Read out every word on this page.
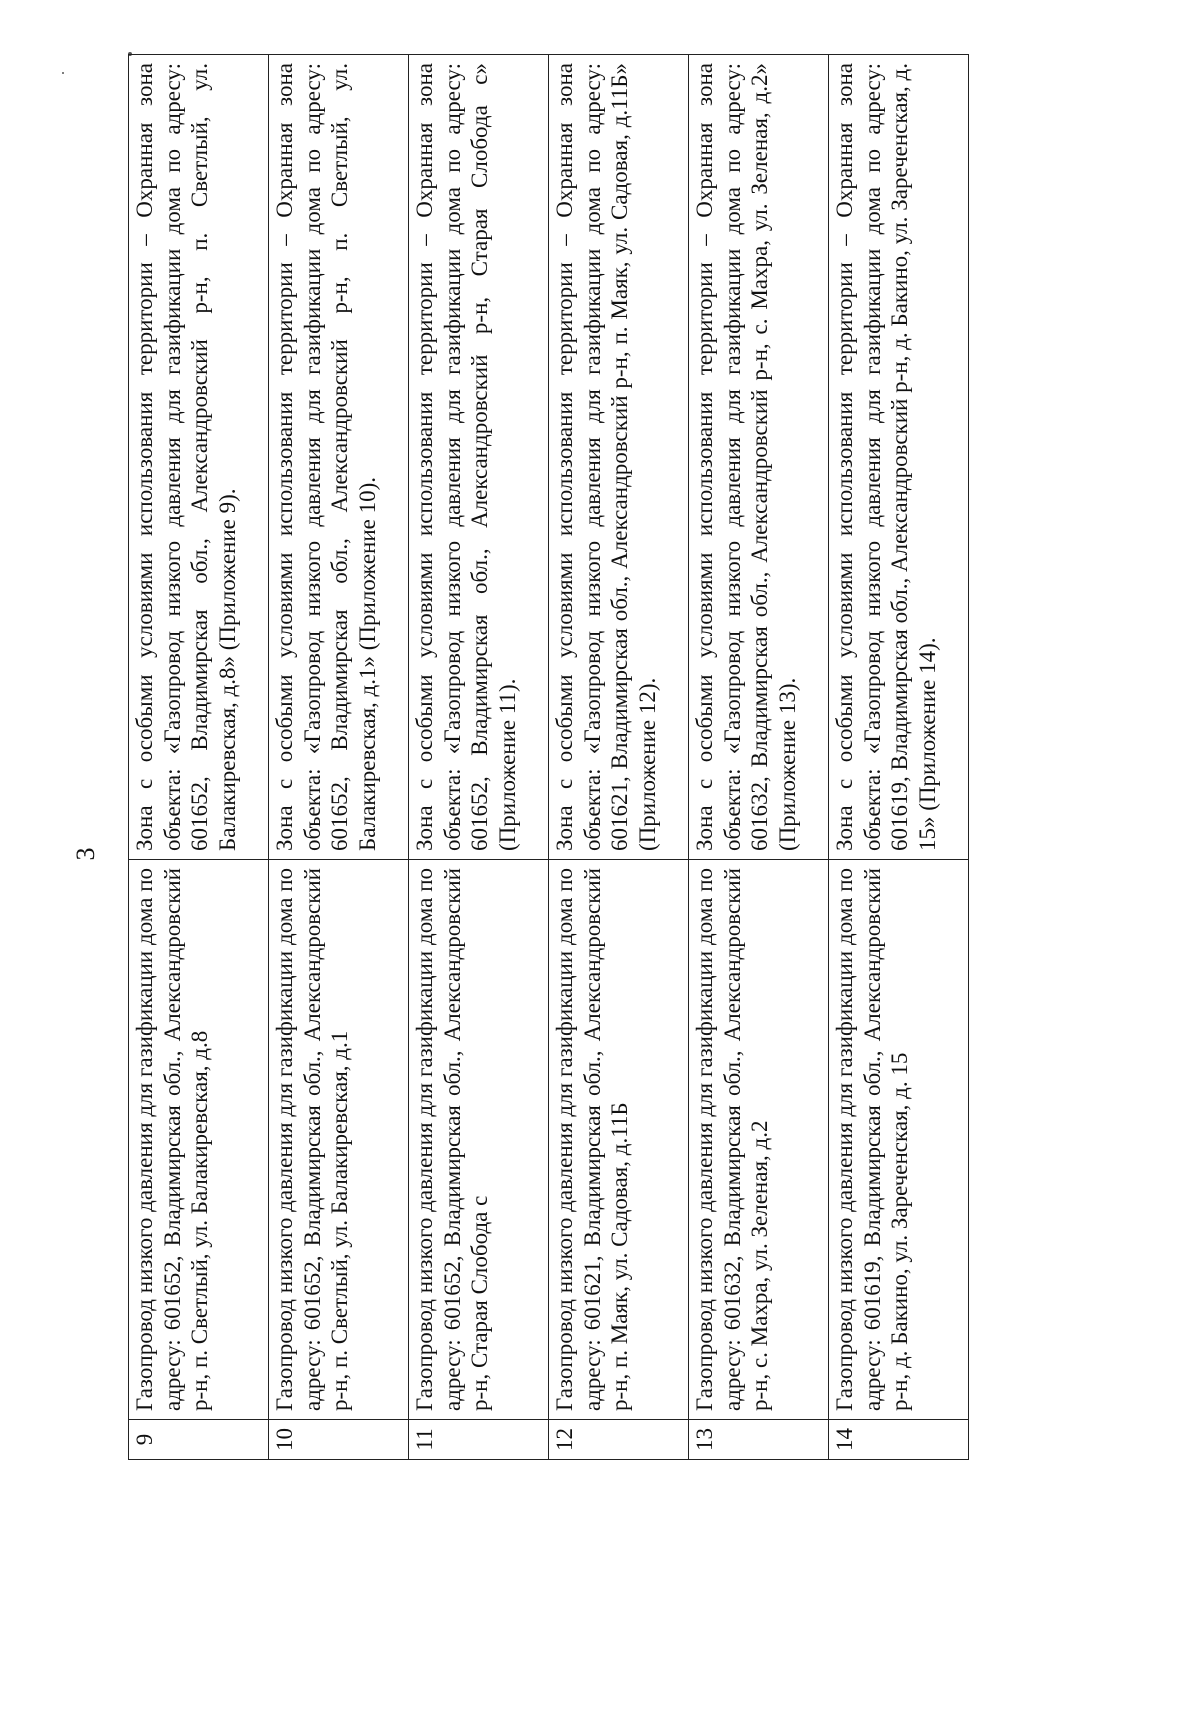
3
9	Газопровод низкого давления для газификации дома по адресу: 601652, Владимирская обл., Александровский р-н, п. Светлый, ул. Балакиревская, д.8	Зона с особыми условиями использования территории – Охранная зона объекта: «Газопровод низкого давления для газификации дома по адресу: 601652, Владимирская обл., Александровский р-н, п. Светлый, ул. Балакиревская, д.8» (Приложение 9).
10	Газопровод низкого давления для газификации дома по адресу: 601652, Владимирская обл., Александровский р-н, п. Светлый, ул. Балакиревская, д.1	Зона с особыми условиями использования территории – Охранная зона объекта: «Газопровод низкого давления для газификации дома по адресу: 601652, Владимирская обл., Александровский р-н, п. Светлый, ул. Балакиревская, д.1» (Приложение 10).
11	Газопровод низкого давления для газификации дома по адресу: 601652, Владимирская обл., Александровский р-н, Старая Слобода с	Зона с особыми условиями использования территории – Охранная зона объекта: «Газопровод низкого давления для газификации дома по адресу: 601652, Владимирская обл., Александровский р-н, Старая Слобода с» (Приложение 11).
12	Газопровод низкого давления для газификации дома по адресу: 601621, Владимирская обл., Александровский р-н, п. Маяк, ул. Садовая, д.11Б	Зона с особыми условиями использования территории – Охранная зона объекта: «Газопровод низкого давления для газификации дома по адресу: 601621, Владимирская обл., Александровский р-н, п. Маяк, ул. Садовая, д.11Б» (Приложение 12).
13	Газопровод низкого давления для газификации дома по адресу: 601632, Владимирская обл., Александровский р-н, с. Махра, ул. Зеленая, д.2	Зона с особыми условиями использования территории – Охранная зона объекта: «Газопровод низкого давления для газификации дома по адресу: 601632, Владимирская обл., Александровский р-н, с. Махра, ул. Зеленая, д.2» (Приложение 13).
14	Газопровод низкого давления для газификации дома по адресу: 601619, Владимирская обл., Александровский р-н, д. Бакино, ул. Зареченская, д. 15	Зона с особыми условиями использования территории – Охранная зона объекта: «Газопровод низкого давления для газификации дома по адресу: 601619, Владимирская обл., Александровский р-н, д. Бакино, ул. Зареченская, д. 15» (Приложение 14).
